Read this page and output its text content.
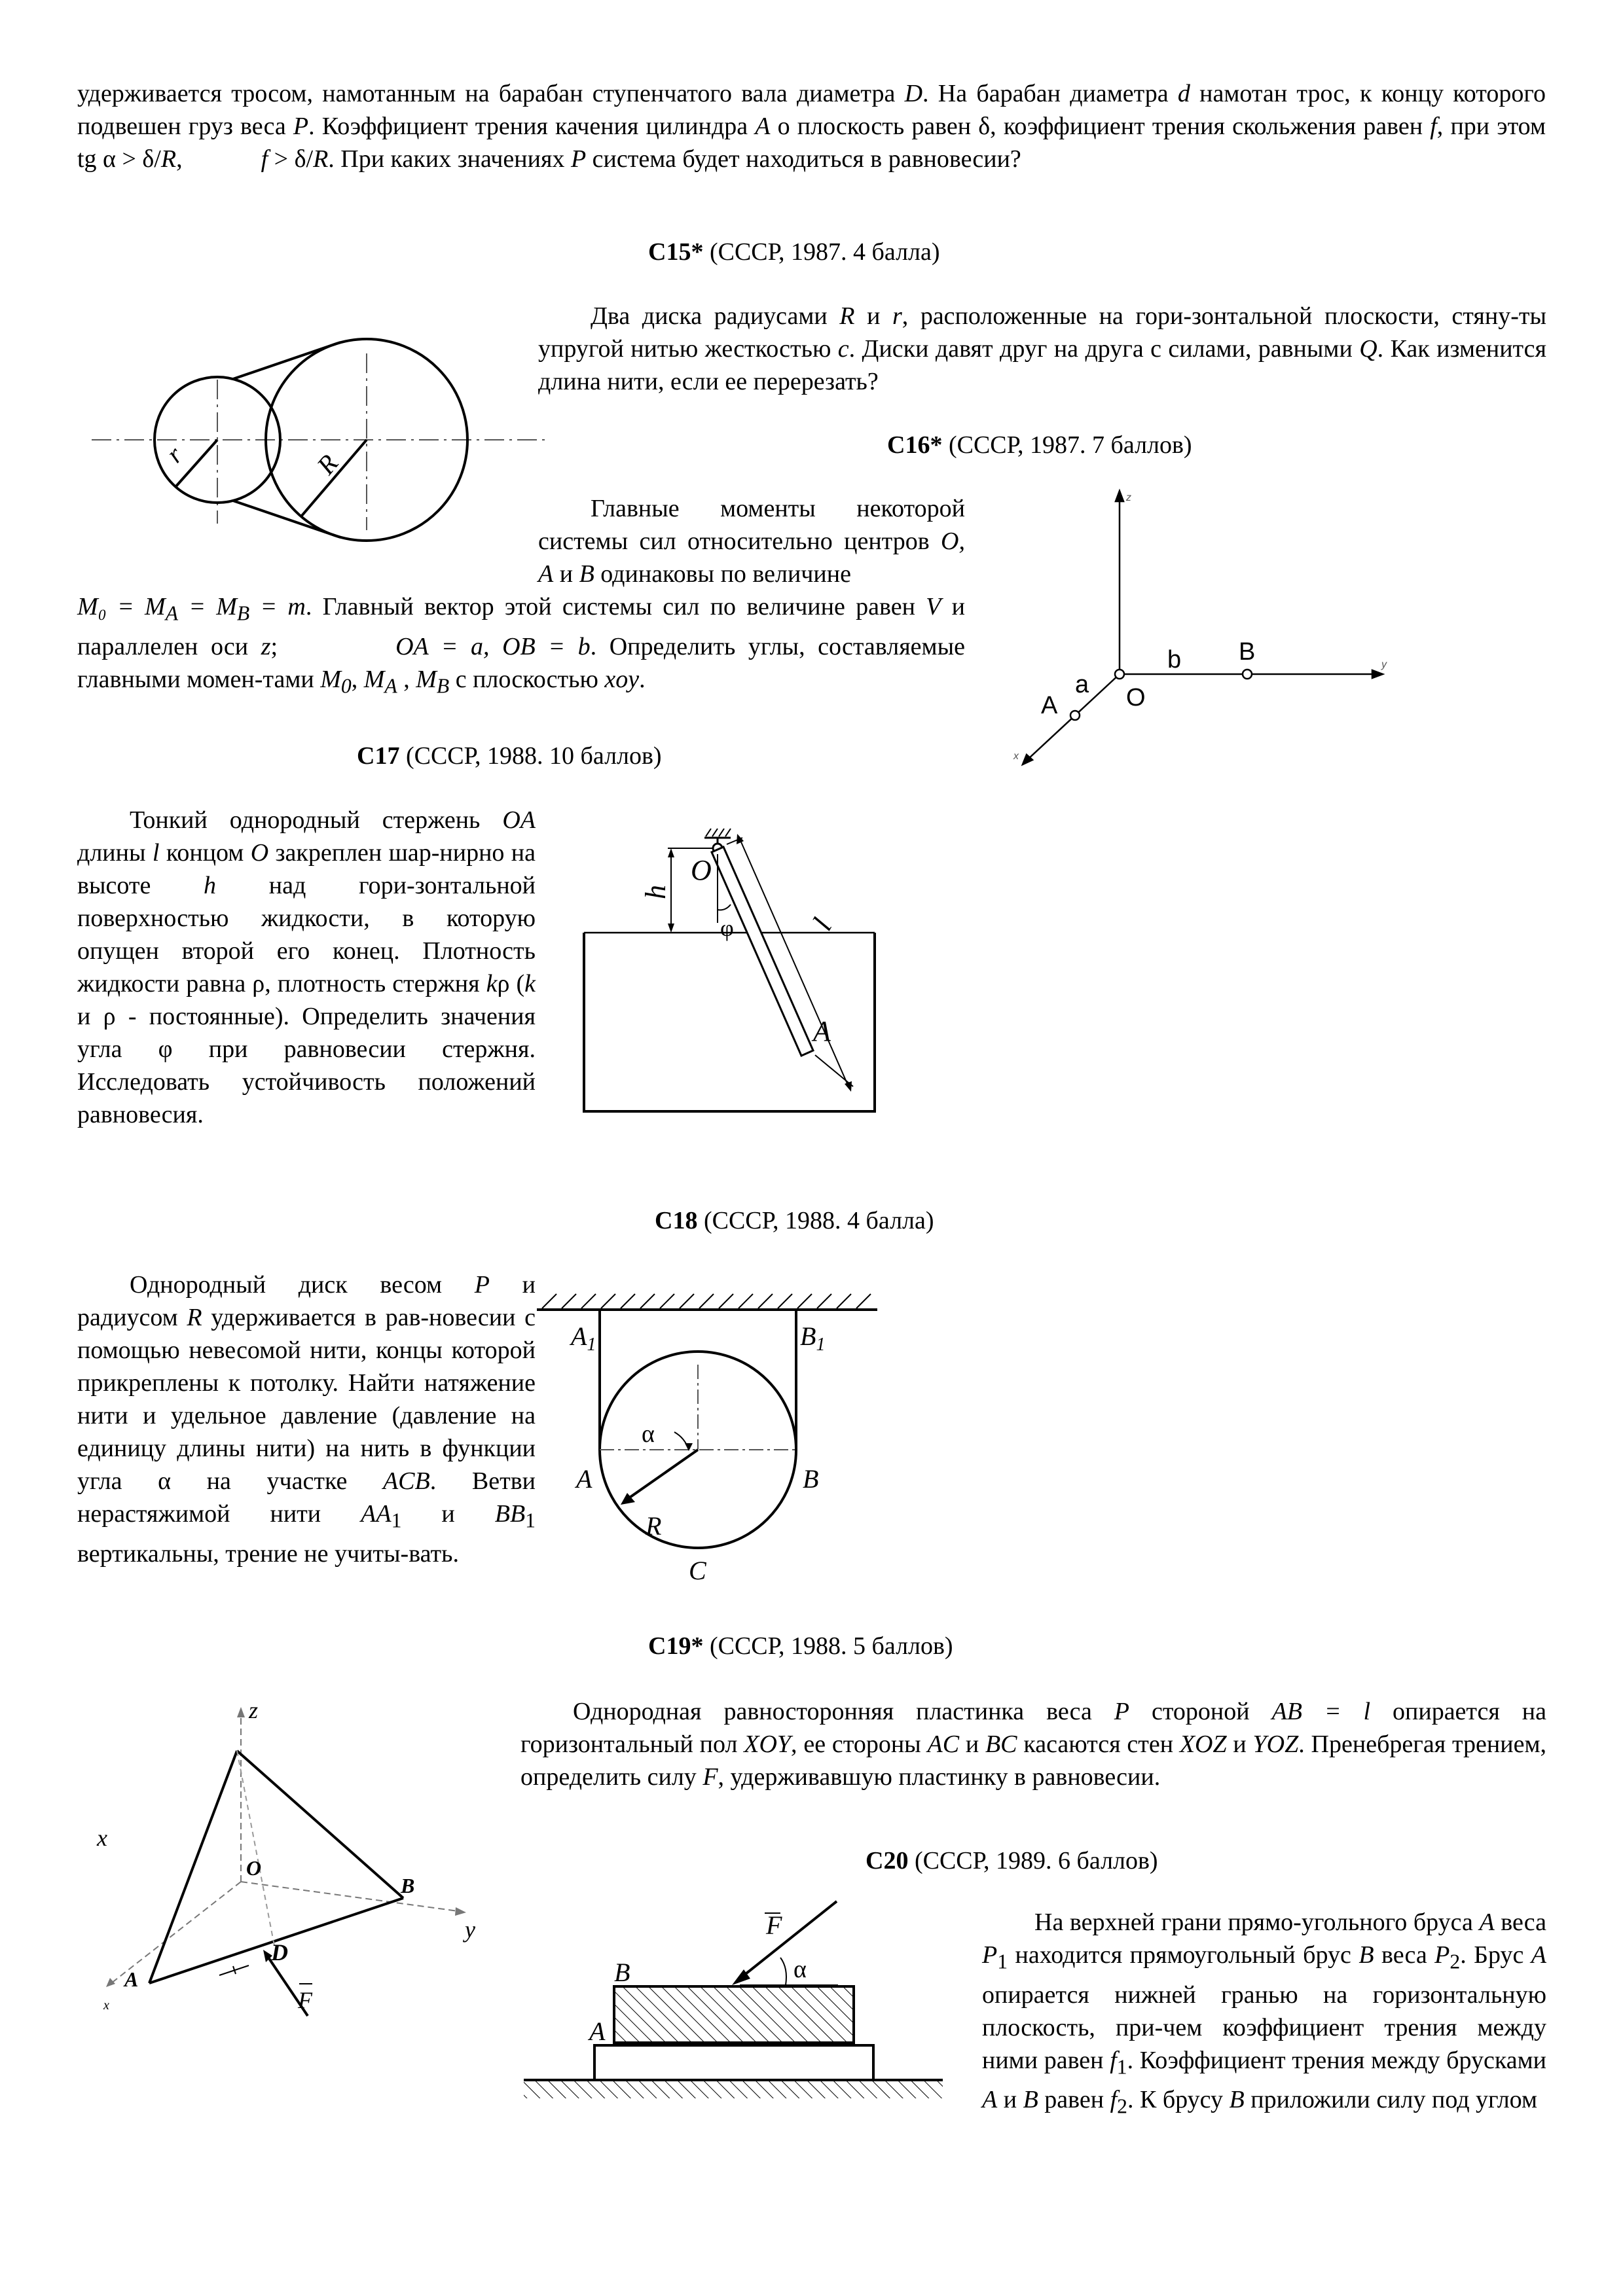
удерживается тросом, намотанным на барабан ступенчатого вала диаметра D. На барабан диаметра d намотан трос, к концу которого подвешен груз веса P. Коэффициент трения качения цилиндра A о плоскость равен δ, коэффициент трения скольжения равен f, при этом tg α > δ/R,	f > δ/R. При каких значениях P система будет находиться в равновесии?

C15* (СССР, 1987. 4 балла)

Два диска радиусами R и r, расположенные на гори-зонтальной плоскости, стяну-ты упругой нитью жесткостью c. Диски давят друг на друга с силами, равными Q. Как изменится длина нити, если ее перерезать?

r	R
C16* (СССР, 1987. 7 баллов)

Главные моменты некоторой системы сил относительно центров O, A и B одинаковы по величине

$M_0 = M_A = M_B = m$. Главный вектор этой системы сил по величине равен V и параллелен оси z;	OA = a, OB = b. Определить углы, составляемые главными момен-тами $M_0$, $M_A$ , $M_B$ с плоскостью xoy.

z
y
x
A
a O
b B
C17 (СССР, 1988. 10 баллов)

Тонкий однородный стержень OA длины l концом O закреплен шар-нирно на высоте h над гори-зонтальной поверхностью жидкости, в которую опущен второй его конец. Плотность жидкости равна ρ, плотность стержня kρ (k и ρ - постоянные). Определить значения угла φ при равновесии стержня. Исследовать устойчивость положений равновесия.

h
O
φ	l
A
C18 (СССР, 1988. 4 балла)

Однородный диск весом P и радиусом R удерживается в рав-новесии с помощью невесомой нити, концы которой прикреплены к потолку. Найти натяжение нити и удельное давление (давление на единицу длины нити) на нить в функции угла α на участке ACB. Ветви нерастяжимой нити $AA_1$ и $BB_1$ вертикальны, трение не учиты-вать.

$A_1$	$B_1$
α
A	B
R
C
C19* (СССР, 1988. 5 баллов)

Однородная равносторонняя пластинка веса P стороной AB = l опирается на горизонтальный пол XOY, ее стороны AC и BC касаются стен XOZ и YOZ. Пренебрегая трением, определить силу F, удерживавшую пластинку в равновесии.

z
x
O
B
D
A
y
x	F
C20 (СССР, 1989. 6 баллов)

На верхней грани прямо-угольного бруса A веса $P_1$ находится прямоугольный брус B веса $P_2$. Брус A опирается нижней гранью на горизонтальную плоскость, при-чем коэффициент трения между ними равен $f_1$. Коэффициент трения между брусками A и B равен $f_2$. К брусу B приложили силу под углом

F
α
B
A
